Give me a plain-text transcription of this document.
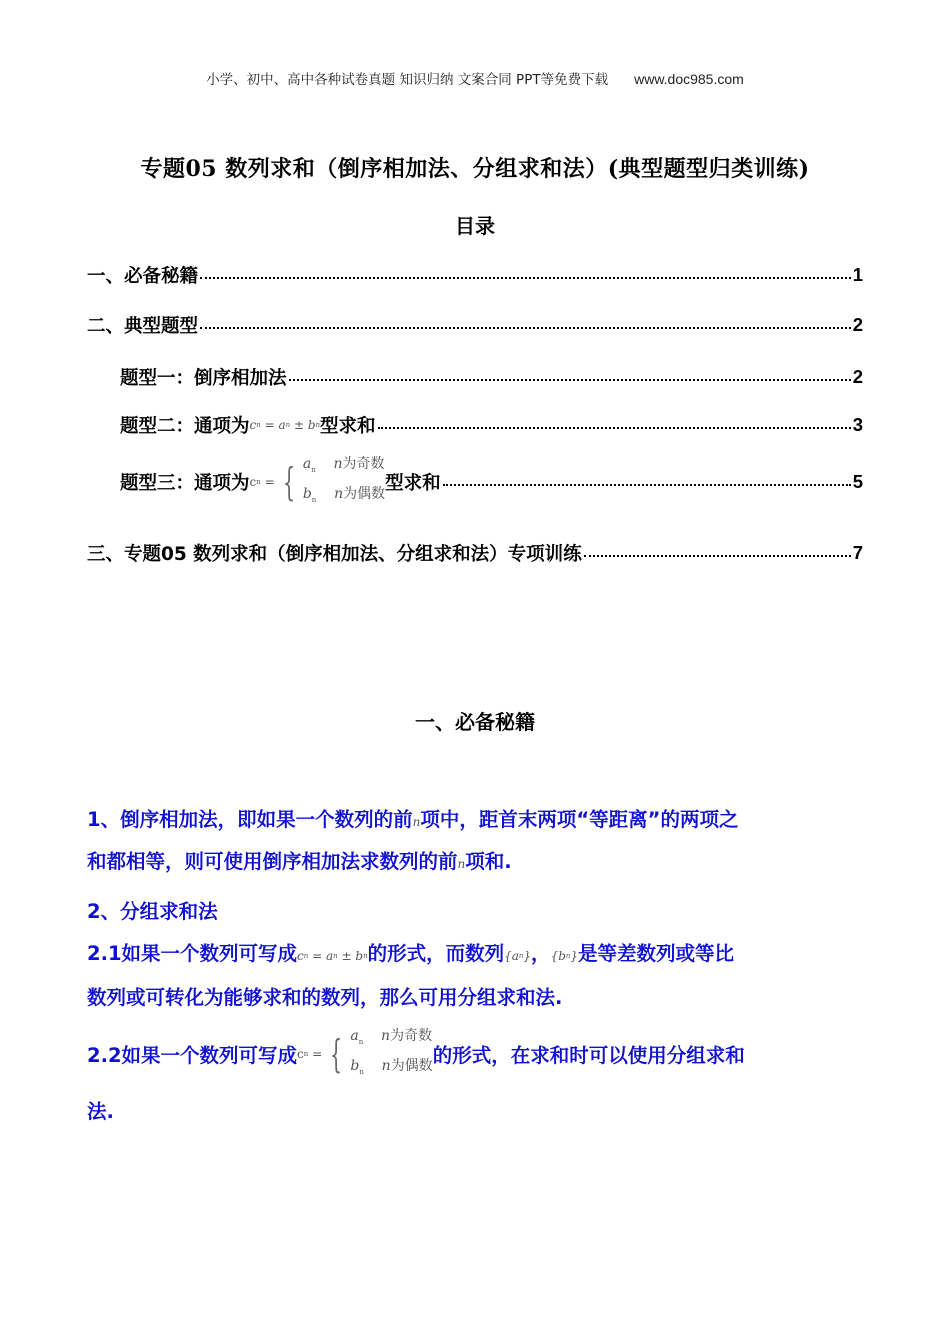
小学、初中、高中各种试卷真题 知识归纳 文案合同 PPT等免费下载 www.doc985.com
专题05 数列求和（倒序相加法、分组求和法）(典型题型归类训练)
目录
一、必备秘籍	1
二、典型题型	2
题型一：倒序相加法	2
题型二：通项为 c n
= a n
± b n 型求和	3
题型三：通项为 c n = { $a_n$ n为奇数
$b_n$ n为偶数 型求和	5
三、专题05 数列求和（倒序相加法、分组求和法）专项训练	7
一、必备秘籍
1、倒序相加法，即如果一个数列的前n项中，距首末两项“等距离”的两项之
和都相等，则可使用倒序相加法求数列的前n项和.
2、分组求和法
2.1如果一个数列可写成 c n
= a n
± b n 的形式，而数列{ a n }，{ b n }是等差数列或等比
数列或可转化为能够求和的数列，那么可用分组求和法.
2.2如果一个数列可写成 c n = { $a_n$ n为奇数
$b_n$ n为偶数 的形式，在求和时可以使用分组求和
法.
